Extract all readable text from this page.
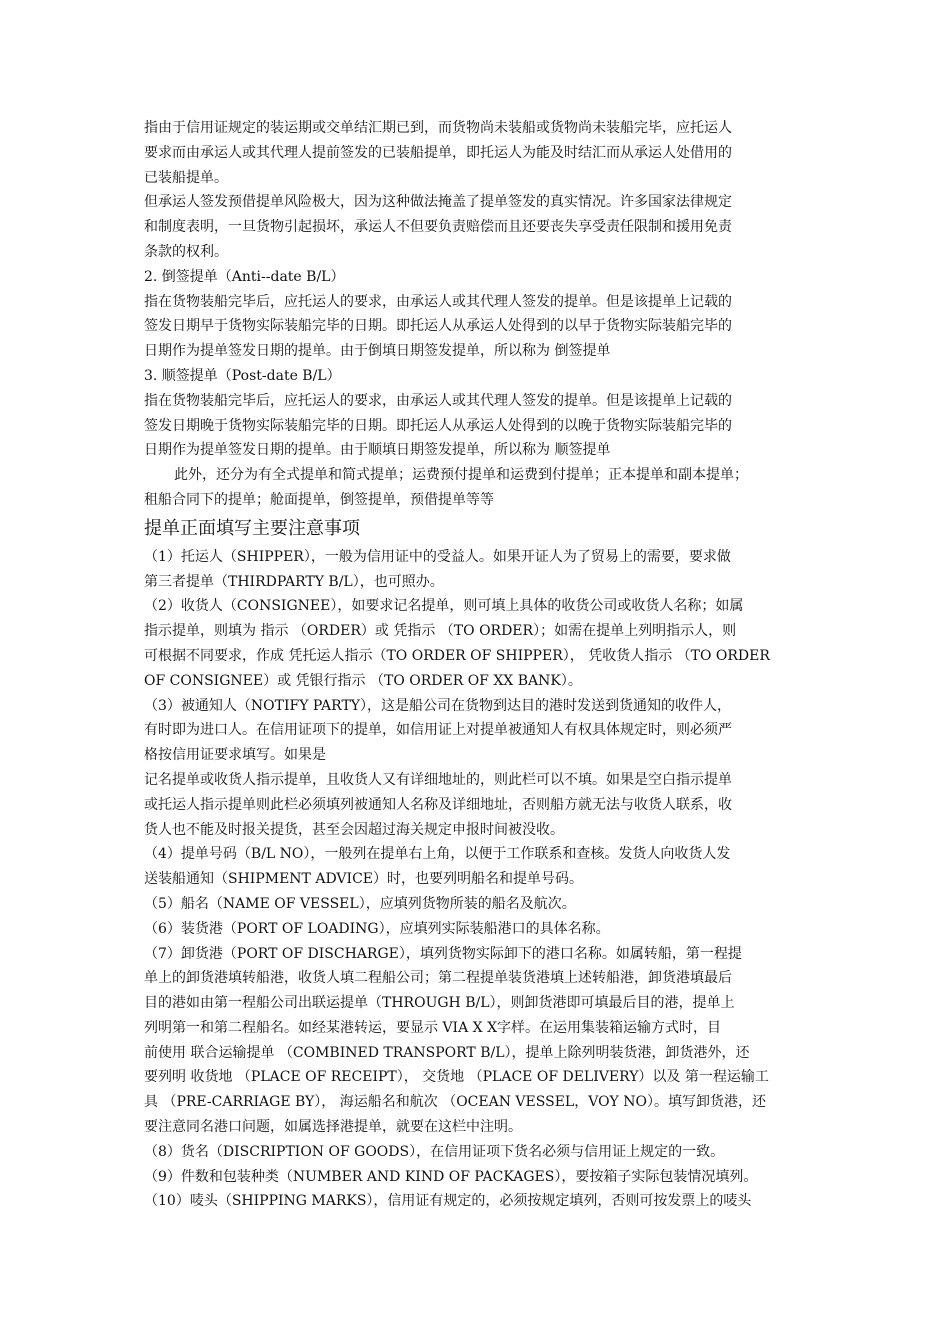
指由于信用证规定的装运期或交单结汇期已到，而货物尚未装船或货物尚未装船完毕，应托运人
要求而由承运人或其代理人提前签发的已装船提单，即托运人为能及时结汇而从承运人处借用的
已装船提单。
但承运人签发预借提单风险极大，因为这种做法掩盖了提单签发的真实情况。许多国家法律规定
和制度表明，一旦货物引起损坏，承运人不但要负责赔偿而且还要丧失享受责任限制和援用免责
条款的权利。
2. 倒签提单（Anti--date B/L）
指在货物装船完毕后，应托运人的要求，由承运人或其代理人签发的提单。但是该提单上记载的
签发日期早于货物实际装船完毕的日期。即托运人从承运人处得到的以早于货物实际装船完毕的
日期作为提单签发日期的提单。由于倒填日期签发提单，所以称为 倒签提单
3. 顺签提单（Post-date B/L）
指在货物装船完毕后，应托运人的要求，由承运人或其代理人签发的提单。但是该提单上记载的
签发日期晚于货物实际装船完毕的日期。即托运人从承运人处得到的以晚于货物实际装船完毕的
日期作为提单签发日期的提单。由于顺填日期签发提单，所以称为 顺签提单
此外，还分为有全式提单和简式提单；运费预付提单和运费到付提单；正本提单和副本提单；
租船合同下的提单；舱面提单，倒签提单，预借提单等等
提单正面填写主要注意事项
（1）托运人（SHIPPER），一般为信用证中的受益人。如果开证人为了贸易上的需要，要求做
第三者提单（THIRDPARTY B/L），也可照办。
（2）收货人（CONSIGNEE），如要求记名提单，则可填上具体的收货公司或收货人名称；如属
指示提单，则填为 指示 （ORDER）或 凭指示 （TO ORDER）；如需在提单上列明指示人，则
可根据不同要求，作成 凭托运人指示（TO ORDER OF SHIPPER）， 凭收货人指示 （TO ORDER
OF CONSIGNEE）或 凭银行指示 （TO ORDER OF XX BANK）。
（3）被通知人（NOTIFY PARTY），这是船公司在货物到达目的港时发送到货通知的收件人，
有时即为进口人。在信用证项下的提单，如信用证上对提单被通知人有权具体规定时，则必须严
格按信用证要求填写。如果是
记名提单或收货人指示提单，且收货人又有详细地址的，则此栏可以不填。如果是空白指示提单
或托运人指示提单则此栏必须填列被通知人名称及详细地址，否则船方就无法与收货人联系，收
货人也不能及时报关提货，甚至会因超过海关规定申报时间被没收。
（4）提单号码（B/L NO），一般列在提单右上角，以便于工作联系和查核。发货人向收货人发
送装船通知（SHIPMENT ADVICE）时，也要列明船名和提单号码。
（5）船名（NAME OF VESSEL），应填列货物所装的船名及航次。
（6）装货港（PORT OF LOADING），应填列实际装船港口的具体名称。
（7）卸货港（PORT OF DISCHARGE），填列货物实际卸下的港口名称。如属转船，第一程提
单上的卸货港填转船港，收货人填二程船公司；第二程提单装货港填上述转船港，卸货港填最后
目的港如由第一程船公司出联运提单（THROUGH B/L），则卸货港即可填最后目的港，提单上
列明第一和第二程船名。如经某港转运，要显示 VIA X X字样。在运用集装箱运输方式时，目
前使用 联合运输提单 （COMBINED TRANSPORT B/L），提单上除列明装货港，卸货港外，还
要列明 收货地 （PLACE OF RECEIPT）， 交货地 （PLACE OF DELIVERY）以及 第一程运输工
具 （PRE-CARRIAGE BY）， 海运船名和航次 （OCEAN VESSEL，VOY NO）。填写卸货港，还
要注意同名港口问题，如属选择港提单，就要在这栏中注明。
（8）货名（DISCRIPTION OF GOODS），在信用证项下货名必须与信用证上规定的一致。
（9）件数和包装种类（NUMBER AND KIND OF PACKAGES），要按箱子实际包装情况填列。
（10）唛头（SHIPPING MARKS），信用证有规定的，必须按规定填列，否则可按发票上的唛头
